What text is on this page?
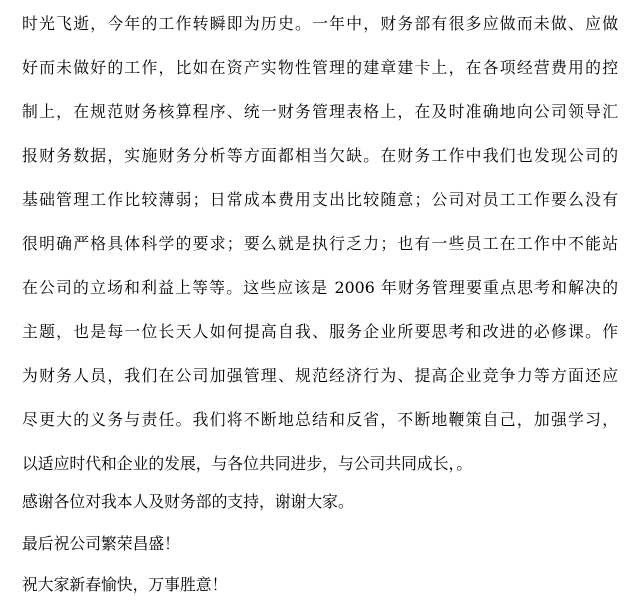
时光飞逝，今年的工作转瞬即为历史。一年中，财务部有很多应做而未做、应做
好而未做好的工作，比如在资产实物性管理的建章建卡上，在各项经营费用的控
制上，在规范财务核算程序、统一财务管理表格上，在及时准确地向公司领导汇
报财务数据，实施财务分析等方面都相当欠缺。在财务工作中我们也发现公司的
基础管理工作比较薄弱；日常成本费用支出比较随意；公司对员工工作要么没有
很明确严格具体科学的要求；要么就是执行乏力；也有一些员工在工作中不能站
在公司的立场和利益上等等。这些应该是 2006 年财务管理要重点思考和解决的
主题，也是每一位长天人如何提高自我、服务企业所要思考和改进的必修课。作
为财务人员，我们在公司加强管理、规范经济行为、提高企业竞争力等方面还应
尽更大的义务与责任。我们将不断地总结和反省，不断地鞭策自己，加强学习，
以适应时代和企业的发展，与各位共同进步，与公司共同成长，。
感谢各位对我本人及财务部的支持，谢谢大家。
最后祝公司繁荣昌盛！
祝大家新春愉快，万事胜意！
